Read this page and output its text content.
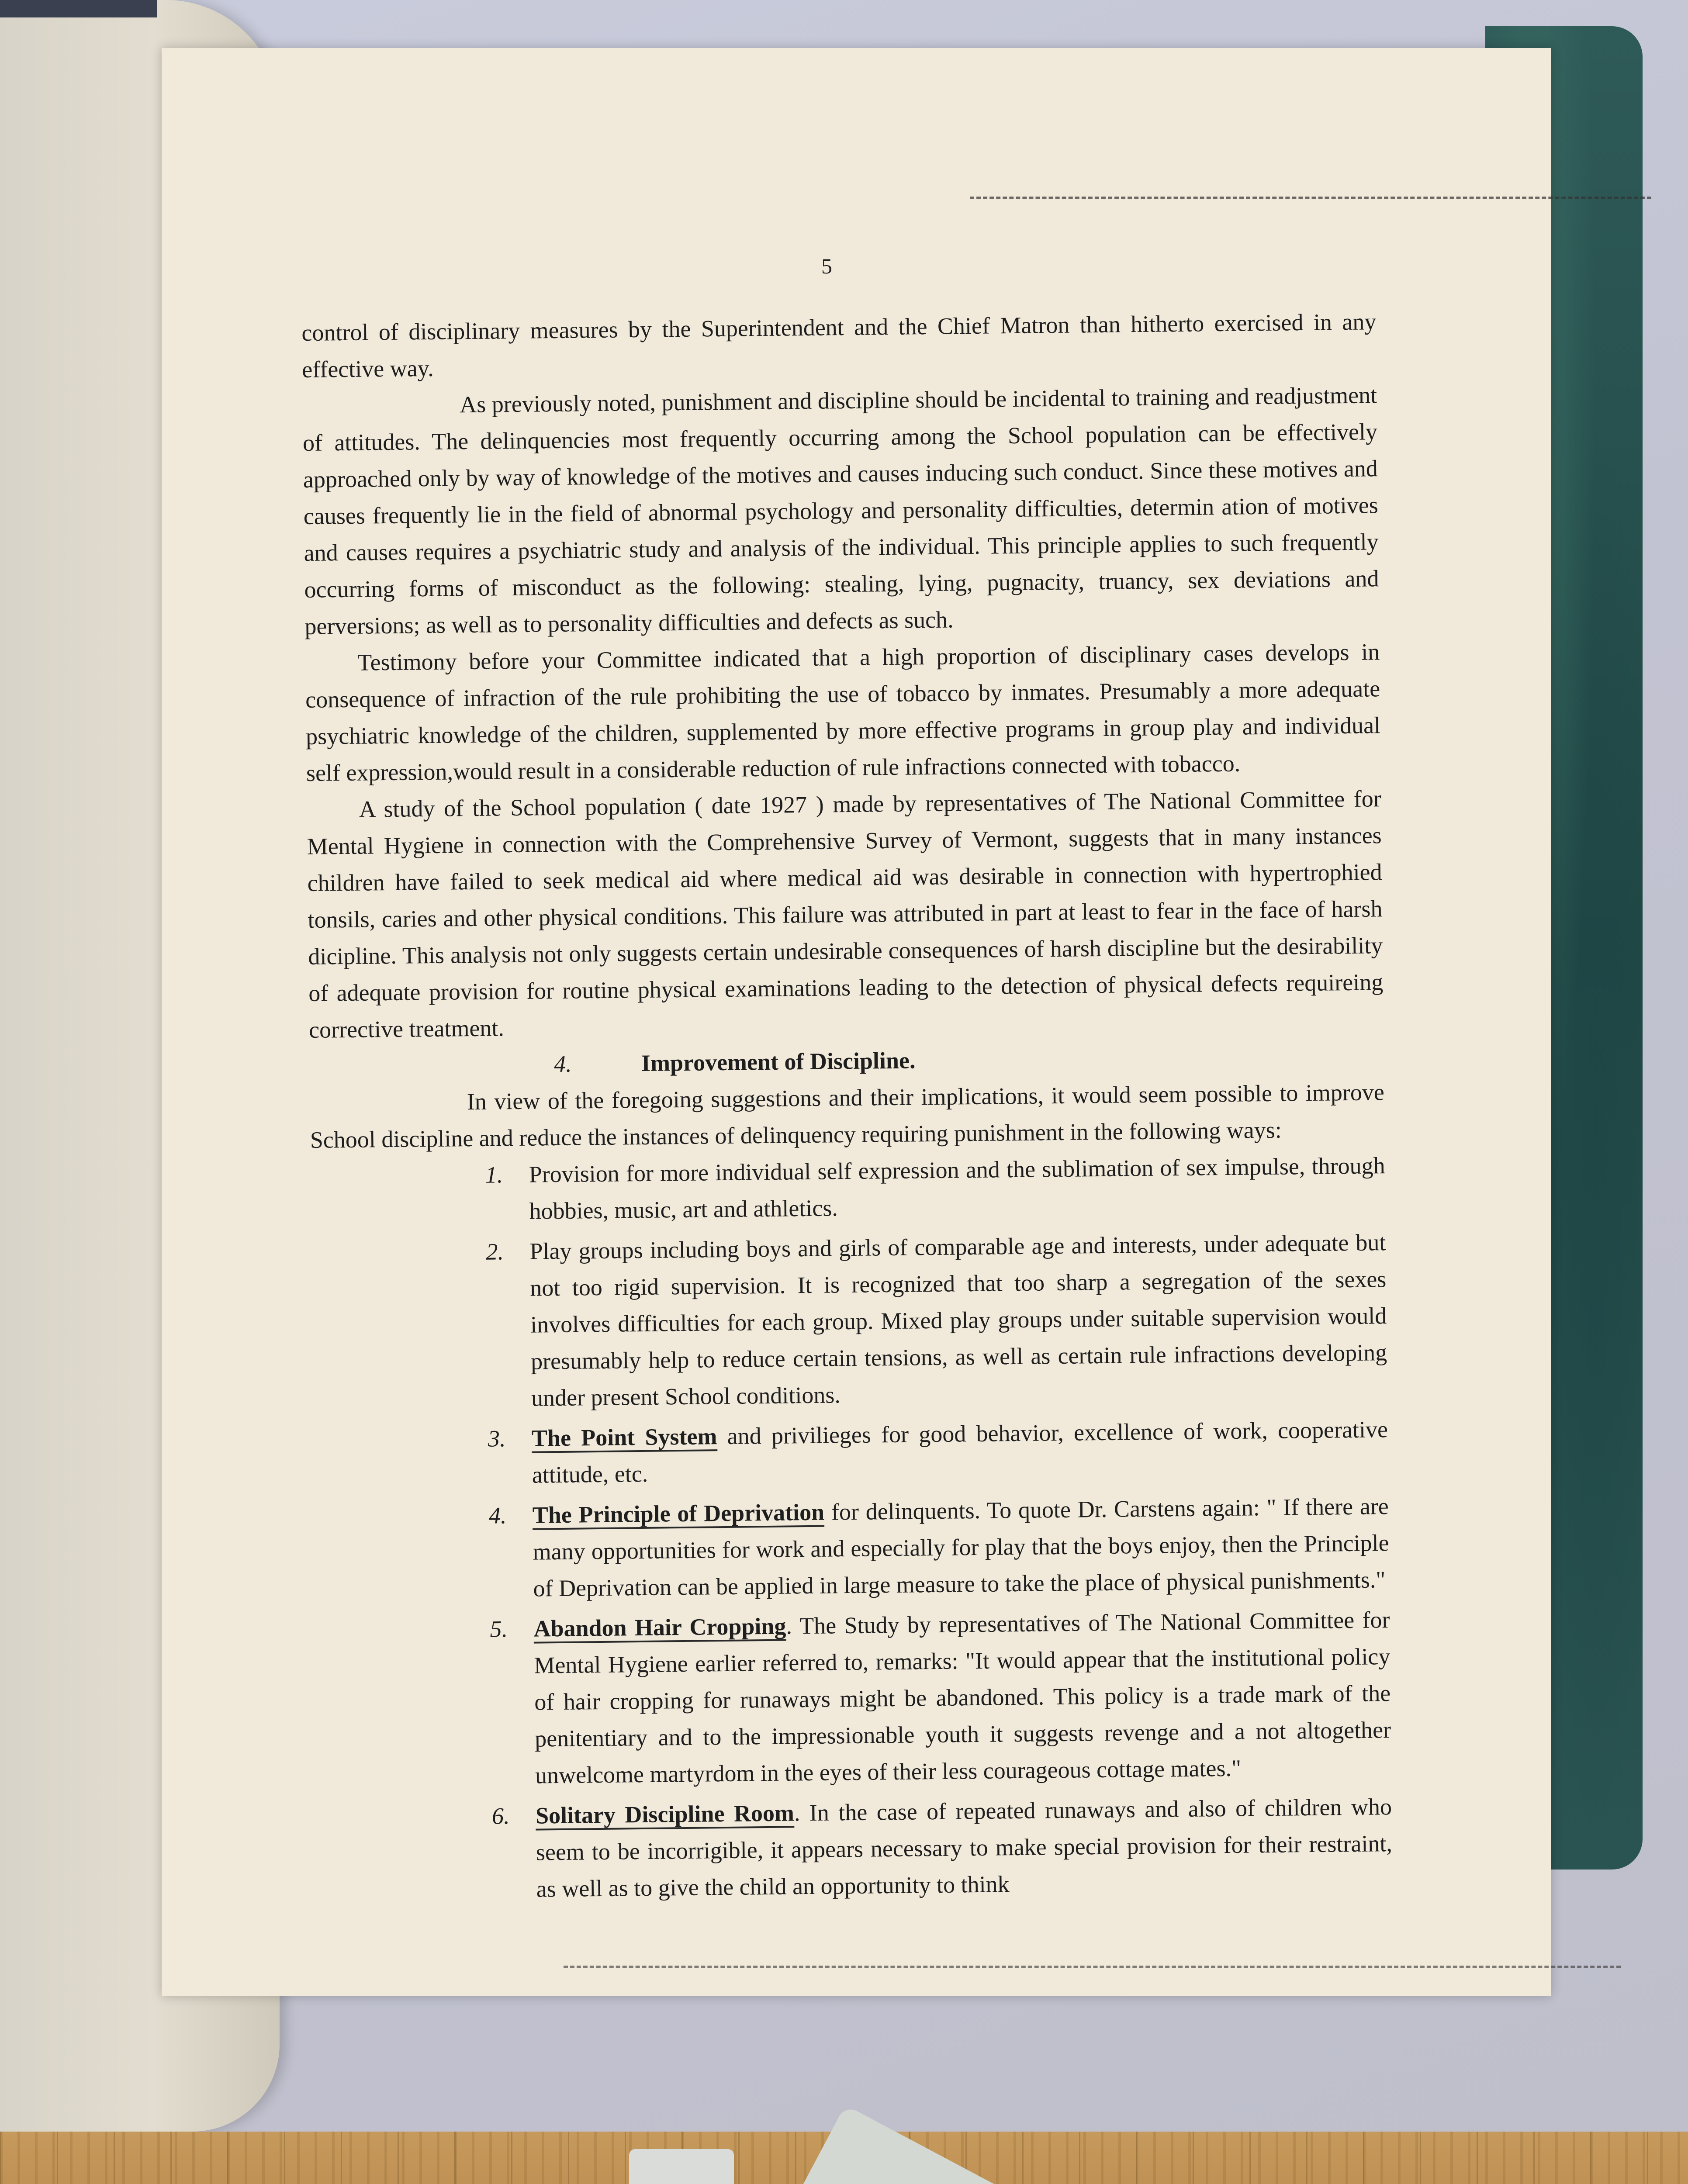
5

control of disciplinary measures by the Superintendent and the Chief Matron than hitherto exercised in any effective way.

As previously noted, punishment and discipline should be incidental to training and readjustment of attitudes. The delinquencies most frequently occurring among the School population can be effectively approached only by way of knowledge of the motives and causes inducing such conduct. Since these motives and causes frequently lie in the field of abnormal psychology and personality difficulties, determin ation of motives and causes requires a psychiatric study and analysis of the individual. This principle applies to such frequently occurring forms of misconduct as the following: stealing, lying, pugnacity, truancy, sex deviations and perversions; as well as to personality difficulties and defects as such.

Testimony before your Committee indicated that a high proportion of disciplinary cases develops in consequence of infraction of the rule prohibiting the use of tobacco by inmates. Presumably a more adequate psychiatric knowledge of the children, supplemented by more effective programs in group play and individual self expression,would result in a considerable reduction of rule infractions connected with tobacco.

A study of the School population ( date 1927 ) made by representatives of The National Committee for Mental Hygiene in connection with the Comprehensive Survey of Vermont, suggests that in many instances children have failed to seek medical aid where medical aid was desirable in connection with hypertrophied tonsils, caries and other physical conditions. This failure was attributed in part at least to fear in the face of harsh dicipline. This analysis not only suggests certain undesirable consequences of harsh discipline but the desirability of adequate provision for routine physical examinations leading to the detection of physical defects requireing corrective treatment.

4.	Improvement of Discipline.

In view of the foregoing suggestions and their implications, it would seem possible to improve School discipline and reduce the instances of delinquency requiring punishment in the following ways:

1. Provision for more individual self expression and the sublimation of sex impulse, through hobbies, music, art and athletics.
2. Play groups including boys and girls of comparable age and interests, under adequate but not too rigid supervision. It is recognized that too sharp a segregation of the sexes involves difficulties for each group. Mixed play groups under suitable supervision would presumably help to reduce certain tensions, as well as certain rule infractions developing under present School conditions.
3. The Point System and privilieges for good behavior, excellence of work, cooperative attitude, etc.
4. The Principle of Deprivation for delinquents. To quote Dr. Carstens again: " If there are many opportunities for work and especially for play that the boys enjoy, then the Principle of Deprivation can be applied in large measure to take the place of physical punishments."
5. Abandon Hair Cropping. The Study by representatives of The National Committee for Mental Hygiene earlier referred to, remarks: "It would appear that the institutional policy of hair cropping for runaways might be abandoned. This policy is a trade mark of the penitentiary and to the impressionable youth it suggests revenge and a not altogether unwelcome martyrdom in the eyes of their less courageous cottage mates."
6. Solitary Discipline Room. In the case of repeated runaways and also of children who seem to be incorrigible, it appears necessary to make special provision for their restraint, as well as to give the child an opportunity to think
